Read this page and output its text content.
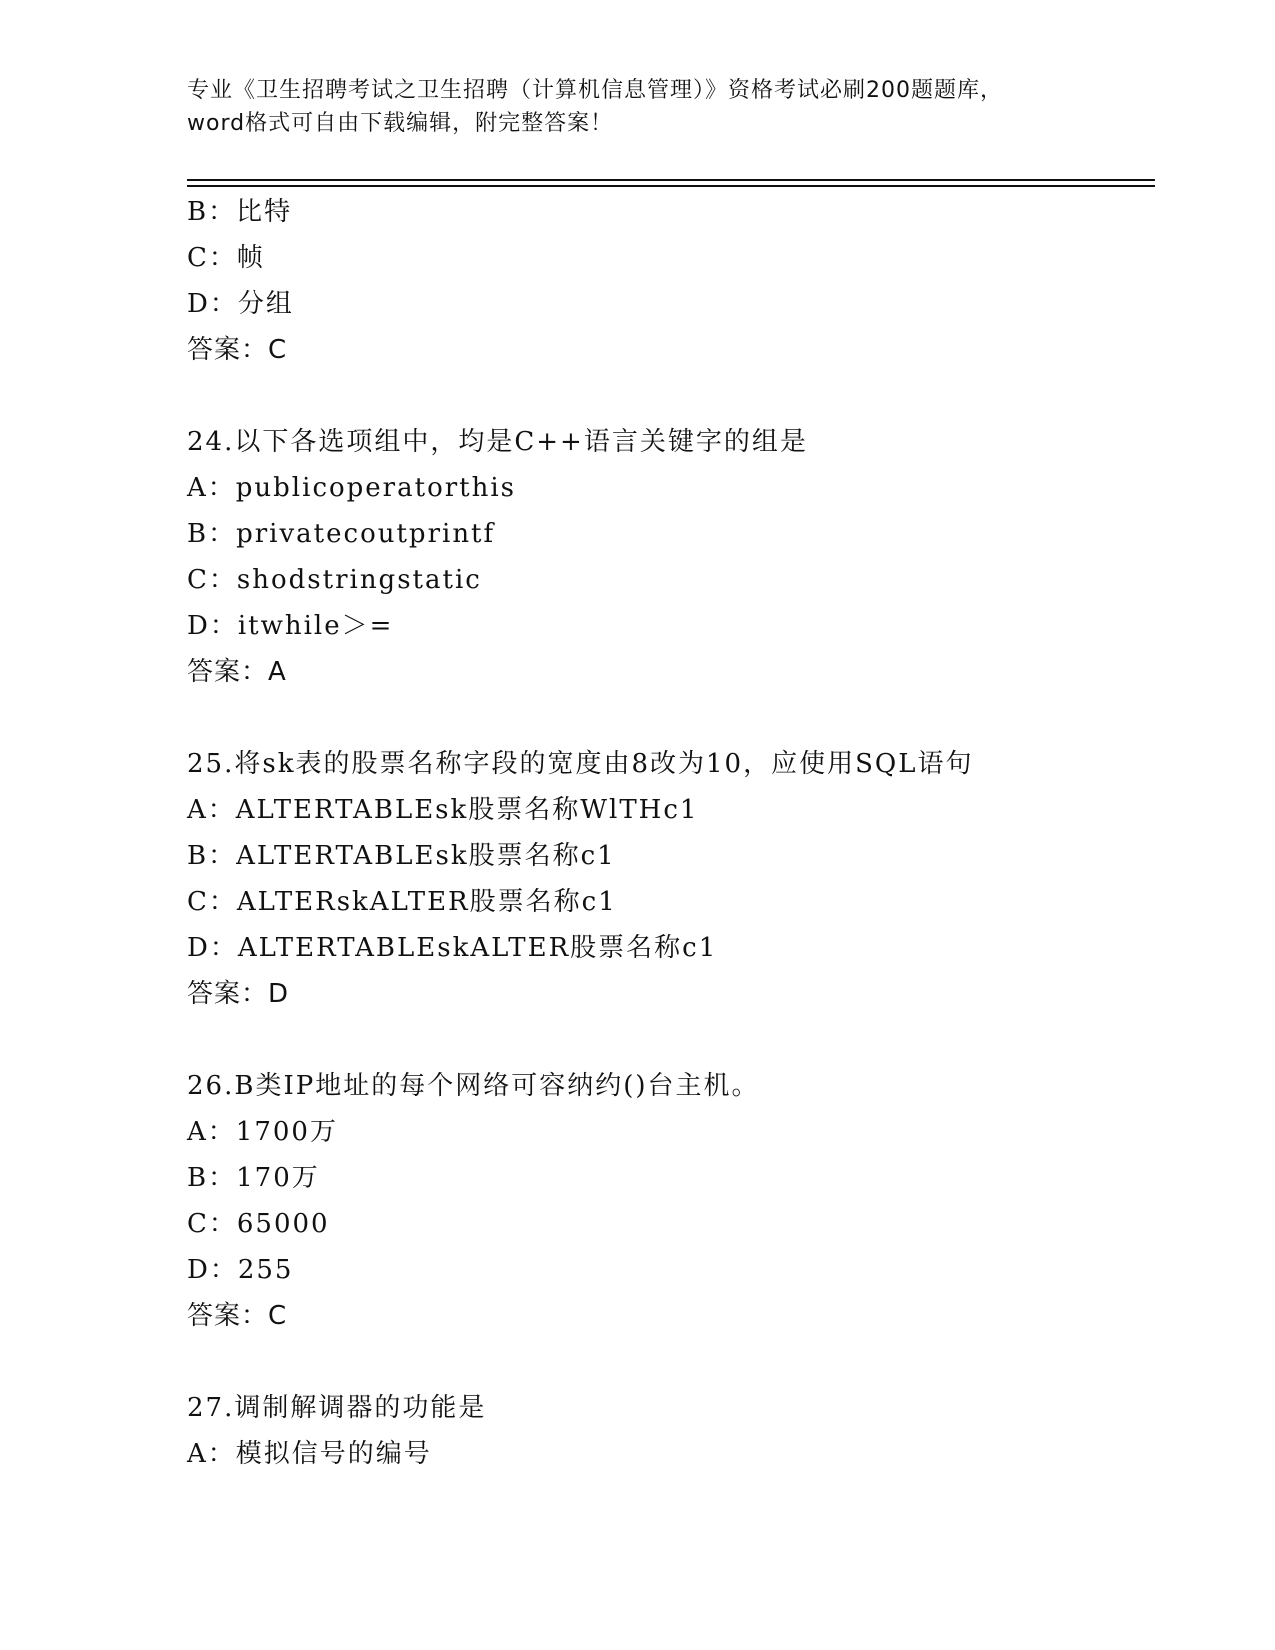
专业《卫生招聘考试之卫生招聘（计算机信息管理）》资格考试必刷200题题库，
word格式可自由下载编辑，附完整答案！
B：比特
C：帧
D：分组
答案：C
24.以下各选项组中，均是C++语言关键字的组是
A：publicoperatorthis
B：privatecoutprintf
C：shodstringstatic
D：itwhile＞=
答案：A
25.将sk表的股票名称字段的宽度由8改为10，应使用SQL语句
A：ALTERTABLEsk股票名称WlTHc1
B：ALTERTABLEsk股票名称c1
C：ALTERskALTER股票名称c1
D：ALTERTABLEskALTER股票名称c1
答案：D
26.B类IP地址的每个网络可容纳约()台主机。
A：1700万
B：170万
C：65000
D：255
答案：C
27.调制解调器的功能是
A：模拟信号的编号
